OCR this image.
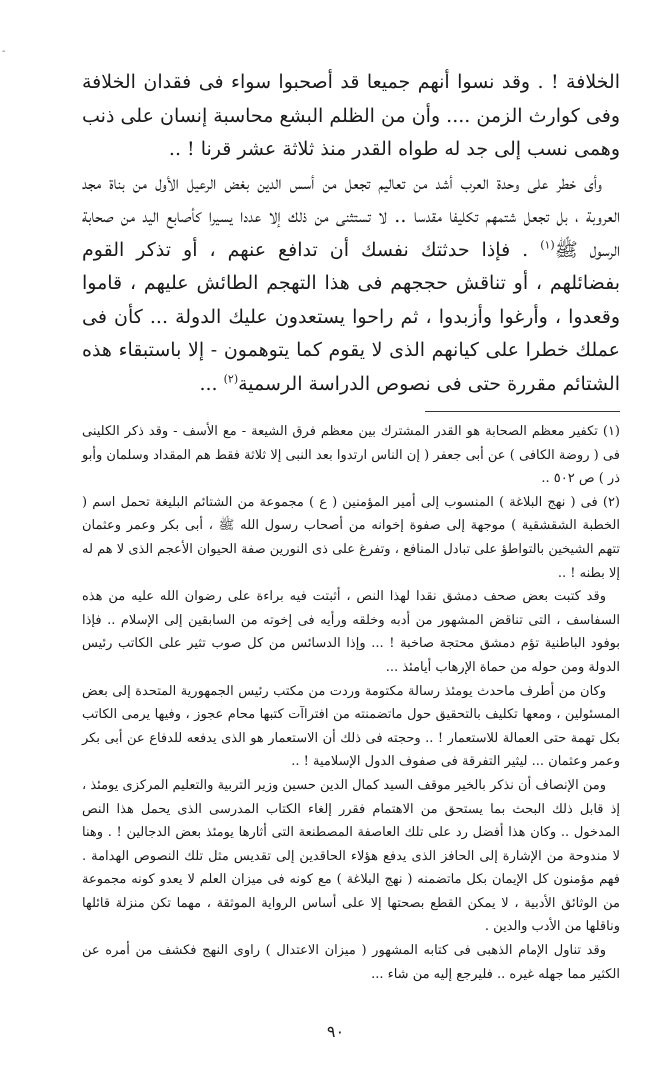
-

الخلافة ! . وقد نسوا أنهم جميعا قد أصحبوا سواء فى فقدان الخلافة وفى كوارث الزمن .... وأن من الظلم البشع محاسبة إنسان على ذنب وهمى نسب إلى جد له طواه القدر منذ ثلاثة عشر قرنا ! ..

وأى خطر على وحدة العرب أشد من تعاليم تجعل من أسس الدين بغض الرعيل الأول من بناة مجد العروبة ، بل تجعل شتمهم تكليفا مقدسا .. لا تستثنى من ذلك إلا عددا يسيرا كأصابع اليد من صحابة الرسول ﷺ$^{(١)}$ . فإذا حدثتك نفسك أن تدافع عنهم ، أو تذكر القوم بفضائلهم ، أو تناقش حججهم فى هذا التهجم الطائش عليهم ، قاموا وقعدوا ، وأرغوا وأزبدوا ، ثم راحوا يستعدون عليك الدولة ... كأن فى عملك خطرا على كيانهم الذى لا يقوم كما يتوهمون - إلا باستبقاء هذه الشتائم مقررة حتى فى نصوص الدراسة الرسمية$^{(٢)}$ ...

(١) تكفير معظم الصحابة هو القدر المشترك بين معظم فرق الشيعة - مع الأسف - وقد ذكر الكلينى فى ( روضة الكافى ) عن أبى جعفر ( إن الناس ارتدوا بعد النبى إلا ثلاثة فقط هم المقداد وسلمان وأبو ذر ) ص ٥٠٢ ..

(٢) فى ( نهج البلاغة ) المنسوب إلى أمير المؤمنين ( ع ) مجموعة من الشتائم البليغة تحمل اسم ( الخطبة الشقشقية ) موجهة إلى صفوة إخوانه من أصحاب رسول الله ﷺ ، أبى بكر وعمر وعثمان تتهم الشيخين بالتواطؤ على تبادل المنافع ، وتفرغ على ذى النورين صفة الحيوان الأعجم الذى لا هم له إلا بطنه ! ..

وقد كتبت بعض صحف دمشق نقدا لهذا النص ، أثبتت فيه براءة على رضوان الله عليه من هذه السفاسف ، التى تناقض المشهور من أدبه وخلقه ورأيه فى إخوته من السابقين إلى الإسلام .. فإذا بوفود الباطنية تؤم دمشق محتجة صاخبة ! ... وإذا الدسائس من كل صوب تثير على الكاتب رئيس الدولة ومن حوله من حماة الإرهاب أيامئذ ...

وكان من أطرف ماحدث يومئذ رسالة مكتومة وردت من مكتب رئيس الجمهورية المتحدة إلى بعض المسئولين ، ومعها تكليف بالتحقيق حول ماتضمنته من افتراآت كتبها محام عجوز ، وفيها يرمى الكاتب بكل تهمة حتى العمالة للاستعمار ! .. وحجته فى ذلك أن الاستعمار هو الذى يدفعه للدفاع عن أبى بكر وعمر وعثمان ... ليثير التفرقة فى صفوف الدول الإسلامية ! ..

ومن الإنصاف أن نذكر بالخير موقف السيد كمال الدين حسين وزير التربية والتعليم المركزى يومئذ ، إذ قابل ذلك البحث بما يستحق من الاهتمام فقرر إلغاء الكتاب المدرسى الذى يحمل هذا النص المدخول .. وكان هذا أفضل رد على تلك العاصفة المصطنعة التى أثارها يومئذ بعض الدجالين ! . وهنا لا مندوحة من الإشارة إلى الحافز الذى يدفع هؤلاء الحاقدين إلى تقديس مثل تلك النصوص الهدامة . فهم مؤمنون كل الإيمان بكل ماتضمنه ( نهج البلاغة ) مع كونه فى ميزان العلم لا يعدو كونه مجموعة من الوثائق الأدبية ، لا يمكن القطع بصحتها إلا على أساس الرواية الموثقة ، مهما تكن منزلة قائلها وناقلها من الأدب والدين .

وقد تناول الإمام الذهبى فى كتابه المشهور ( ميزان الاعتدال ) راوى النهج فكشف من أمره عن الكثير مما جهله غيره .. فليرجع إليه من شاء ...

٩٠
